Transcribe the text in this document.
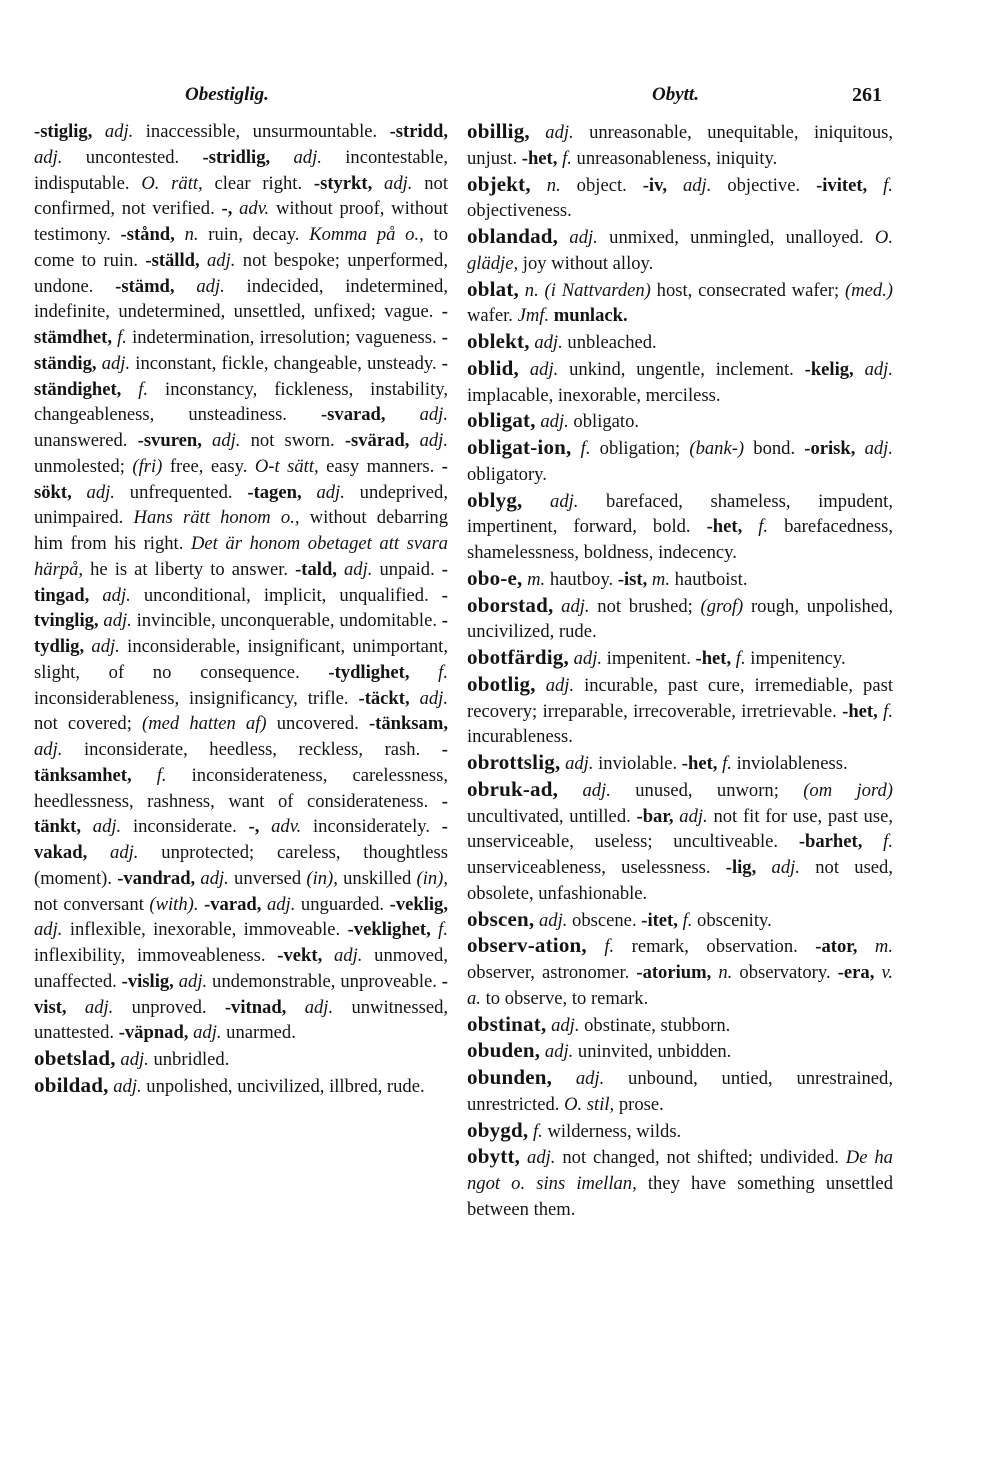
Obestiglig.	Obytt.	261

-stiglig, adj. inaccessible, unsurmountable. -stridd, adj. uncontested. -stridlig, adj. incontestable, indisputable. O. rätt, clear right. -styrkt, adj. not confirmed, not verified. -, adv. without proof, without testimony. -stånd, n. ruin, decay. Komma på o., to come to ruin. -ställd, adj. not bespoke; unperformed, undone. -stämd, adj. indecided, indetermined, indefinite, undetermined, unsettled, unfixed; vague. -stämdhet, f. indetermination, irresolution; vagueness. -ständig, adj. inconstant, fickle, changeable, unsteady. -ständighet, f. inconstancy, fickleness, instability, changeableness, unsteadiness. -svarad, adj. unanswered. -svuren, adj. not sworn. -svärad, adj. unmolested; (fri) free, easy. O-t sätt, easy manners. -sökt, adj. unfrequented. -tagen, adj. undeprived, unimpaired. Hans rätt honom o., without debarring him from his right. Det är honom obetaget att svara härpå, he is at liberty to answer. -tald, adj. unpaid. -tingad, adj. unconditional, implicit, unqualified. -tvinglig, adj. invincible, unconquerable, undomitable. -tydlig, adj. inconsiderable, insignificant, unimportant, slight, of no consequence. -tydlighet, f. inconsiderableness, insignificancy, trifle. -täckt, adj. not covered; (med hatten af) uncovered. -tänksam, adj. inconsiderate, heedless, reckless, rash. -tänksamhet, f. inconsiderateness, carelessness, heedlessness, rashness, want of considerateness. -tänkt, adj. inconsiderate. -, adv. inconsiderately. -vakad, adj. unprotected; careless, thoughtless (moment). -vandrad, adj. unversed (in), unskilled (in), not conversant (with). -varad, adj. unguarded. -veklig, adj. inflexible, inexorable, immoveable. -veklighet, f. inflexibility, immoveableness. -vekt, adj. unmoved, unaffected. -vislig, adj. undemonstrable, unproveable. -vist, adj. unproved. -vitnad, adj. unwitnessed, unattested. -väpnad, adj. unarmed.

obetslad, adj. unbridled.

obildad, adj. unpolished, uncivilized, illbred, rude.

obillig, adj. unreasonable, unequitable, iniquitous, unjust. -het, f. unreasonableness, iniquity.

objekt, n. object. -iv, adj. objective. -ivitet, f. objectiveness.

oblandad, adj. unmixed, unmingled, unalloyed. O. glädje, joy without alloy.

oblat, n. (i Nattvarden) host, consecrated wafer; (med.) wafer. Jmf. munlack.

oblekt, adj. unbleached.

oblid, adj. unkind, ungentle, inclement. -kelig, adj. implacable, inexorable, merciless.

obligat, adj. obligato.

obligat-ion, f. obligation; (bank-) bond. -orisk, adj. obligatory.

oblyg, adj. barefaced, shameless, impudent, impertinent, forward, bold. -het, f. barefacedness, shamelessness, boldness, indecency.

obo-e, m. hautboy. -ist, m. hautboist.

oborstad, adj. not brushed; (grof) rough, unpolished, uncivilized, rude.

obotfärdig, adj. impenitent. -het, f. impenitency.

obotlig, adj. incurable, past cure, irremediable, past recovery; irreparable, irrecoverable, irretrievable. -het, f. incurableness.

obrottslig, adj. inviolable. -het, f. inviolableness.

obruk-ad, adj. unused, unworn; (om jord) uncultivated, untilled. -bar, adj. not fit for use, past use, unserviceable, useless; uncultiveable. -barhet, f. unserviceableness, uselessness. -lig, adj. not used, obsolete, unfashionable.

obscen, adj. obscene. -itet, f. obscenity.

observ-ation, f. remark, observation. -ator, m. observer, astronomer. -atorium, n. observatory. -era, v. a. to observe, to remark.

obstinat, adj. obstinate, stubborn.

obuden, adj. uninvited, unbidden.

obunden, adj. unbound, untied, unrestrained, unrestricted. O. stil, prose.

obygd, f. wilderness, wilds.

obytt, adj. not changed, not shifted; undivided. De ha ngot o. sins imellan, they have something unsettled between them.
